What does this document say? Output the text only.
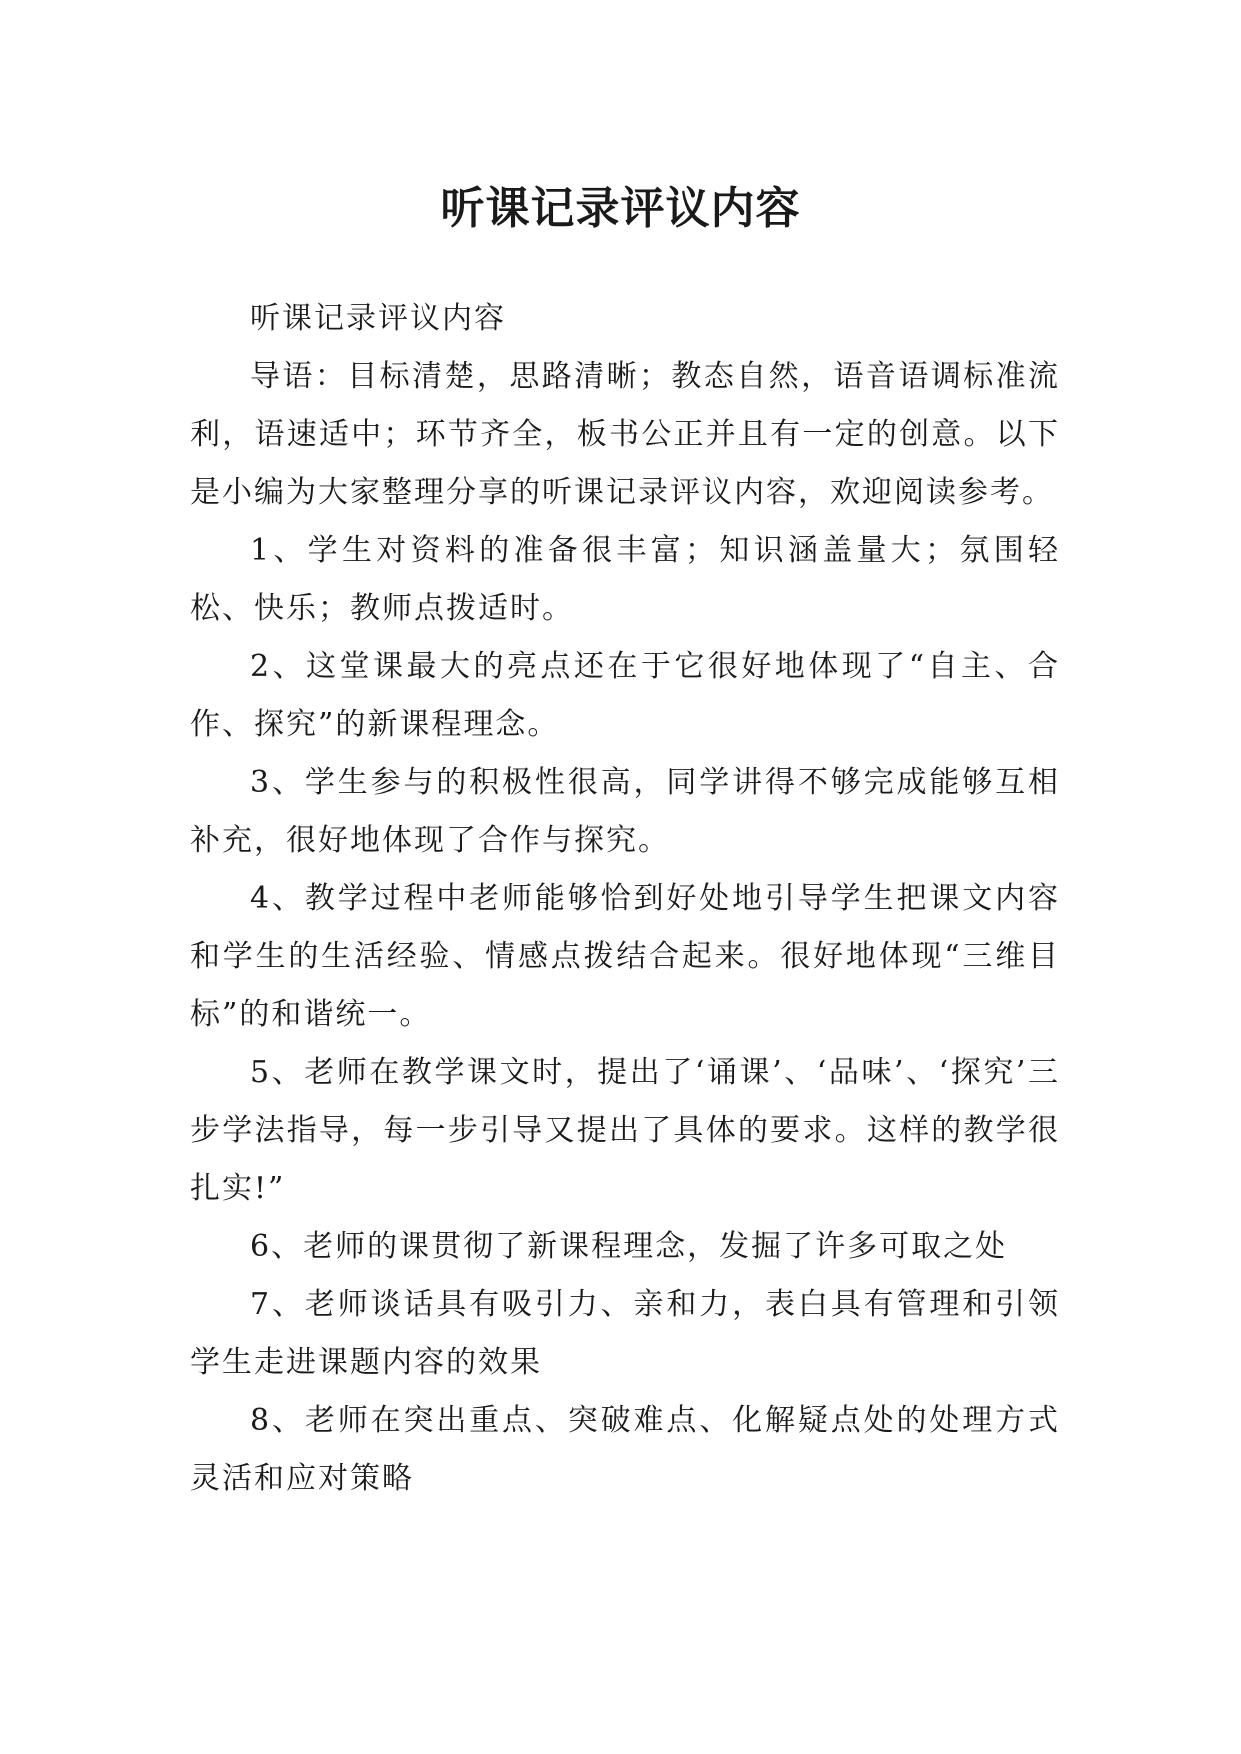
听课记录评议内容

听课记录评议内容

导语：目标清楚，思路清晰；教态自然，语音语调标准流利，语速适中；环节齐全，板书公正并且有一定的创意。以下是小编为大家整理分享的听课记录评议内容，欢迎阅读参考。

1、学生对资料的准备很丰富；知识涵盖量大；氛围轻松、快乐；教师点拨适时。

2、这堂课最大的亮点还在于它很好地体现了“自主、合作、探究”的新课程理念。

3、学生参与的积极性很高，同学讲得不够完成能够互相补充，很好地体现了合作与探究。

4、教学过程中老师能够恰到好处地引导学生把课文内容和学生的生活经验、情感点拨结合起来。很好地体现“三维目标”的和谐统一。

5、老师在教学课文时，提出了‘诵课’、‘品味’、‘探究’三步学法指导，每一步引导又提出了具体的要求。这样的教学很扎实!”

6、老师的课贯彻了新课程理念，发掘了许多可取之处

7、老师谈话具有吸引力、亲和力，表白具有管理和引领学生走进课题内容的效果

8、老师在突出重点、突破难点、化解疑点处的处理方式灵活和应对策略
